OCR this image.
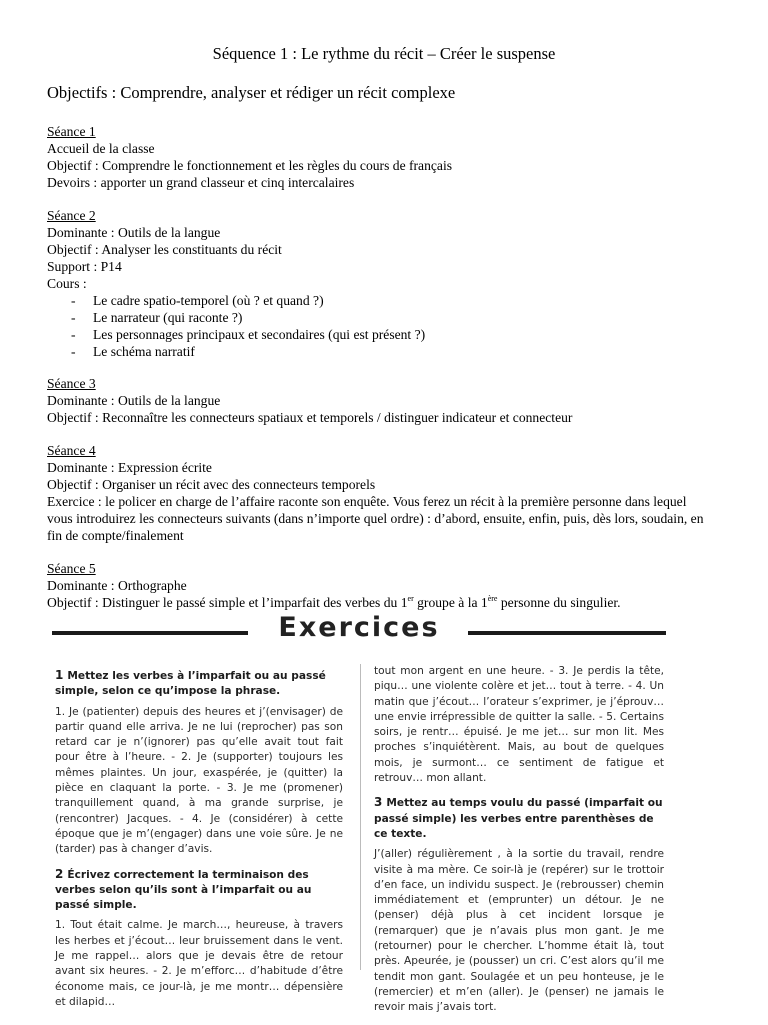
Séquence 1 : Le rythme du récit – Créer le suspense
Objectifs : Comprendre, analyser et rédiger un récit complexe
Séance 1
Accueil de la classe
Objectif : Comprendre le fonctionnement et les règles du cours de français
Devoirs : apporter un grand classeur et cinq intercalaires
Séance 2
Dominante : Outils de la langue
Objectif : Analyser les constituants du récit
Support : P14
Cours :
- Le cadre spatio-temporel (où ? et quand ?)
- Le narrateur (qui raconte ?)
- Les personnages principaux et secondaires (qui est présent ?)
- Le schéma narratif
Séance 3
Dominante : Outils de la langue
Objectif : Reconnaître les connecteurs spatiaux et temporels / distinguer indicateur et connecteur
Séance 4
Dominante : Expression écrite
Objectif : Organiser un récit avec des connecteurs temporels
Exercice : le policer en charge de l’affaire raconte son enquête. Vous ferez un récit à la première personne dans lequel vous introduirez les connecteurs suivants (dans n’importe quel ordre) : d’abord, ensuite, enfin, puis, dès lors, soudain, en fin de compte/finalement
Séance 5
Dominante : Orthographe
Objectif : Distinguer le passé simple et l’imparfait des verbes du 1er groupe à la 1ère personne du singulier.
Exercices
1 Mettez les verbes à l’imparfait ou au passé simple, selon ce qu’impose la phrase.
1. Je (patienter) depuis des heures et j’(envisager) de partir quand elle arriva. Je ne lui (reprocher) pas son retard car je n’(ignorer) pas qu’elle avait tout fait pour être à l’heure. - 2. Je (supporter) toujours les mêmes plaintes. Un jour, exaspérée, je (quitter) la pièce en claquant la porte. - 3. Je me (promener) tranquillement quand, à ma grande surprise, je (rencontrer) Jacques. - 4. Je (considérer) à cette époque que je m’(engager) dans une voie sûre. Je ne (tarder) pas à changer d’avis.
2 Écrivez correctement la terminaison des verbes selon qu’ils sont à l’imparfait ou au passé simple.
1. Tout était calme. Je march…, heureuse, à travers les herbes et j’écout… leur bruissement dans le vent. Je me rappel… alors que je devais être de retour avant six heures. - 2. Je m’efforc… d’habitude d’être économe mais, ce jour-là, je me montr… dépensière et dilapid…
tout mon argent en une heure. - 3. Je perdis la tête, piqu… une violente colère et jet… tout à terre. - 4. Un matin que j’écout… l’orateur s’exprimer, je j’éprouv… une envie irrépressible de quitter la salle. - 5. Certains soirs, je rentr… épuisé. Je me jet… sur mon lit. Mes proches s’inquiétèrent. Mais, au bout de quelques mois, je surmont… ce sentiment de fatigue et retrouv… mon allant.
3 Mettez au temps voulu du passé (imparfait ou passé simple) les verbes entre parenthèses de ce texte.
J’(aller) régulièrement , à la sortie du travail, rendre visite à ma mère. Ce soir-là je (repérer) sur le trottoir d’en face, un individu suspect. Je (rebrousser) chemin immédiatement et (emprunter) un détour. Je ne (penser) déjà plus à cet incident lorsque je (remarquer) que je n’avais plus mon gant. Je me (retourner) pour le chercher. L’homme était là, tout près. Apeurée, je (pousser) un cri. C’est alors qu’il me tendit mon gant. Soulagée et un peu honteuse, je le (remercier) et m’en (aller). Je (penser) ne jamais le revoir mais j’avais tort.
